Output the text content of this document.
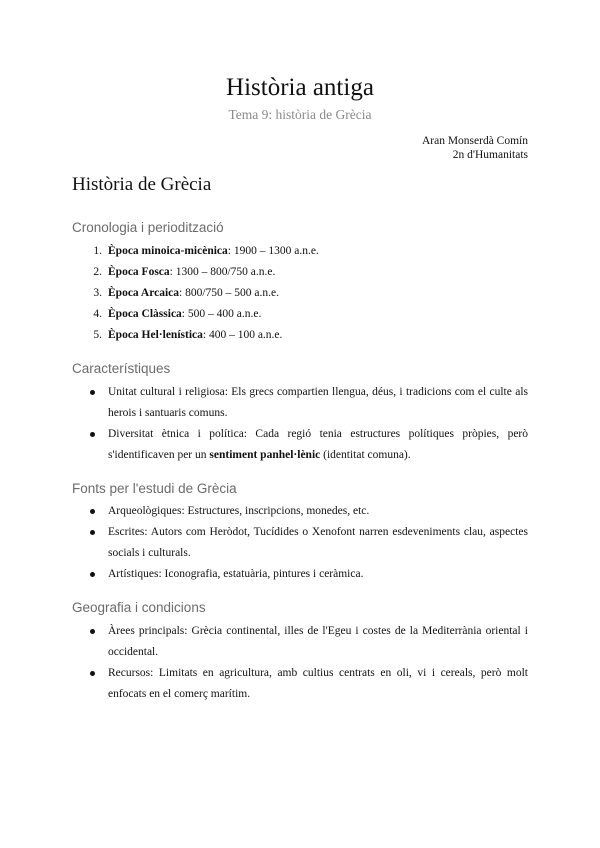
Història antiga
Tema 9: història de Grècia
Aran Monserdà Comín
2n d'Humanitats
Història de Grècia
Cronologia i periodització
1. Època minoica-micènica: 1900 – 1300 a.n.e.
2. Època Fosca: 1300 – 800/750 a.n.e.
3. Època Arcaica: 800/750 – 500 a.n.e.
4. Època Clàssica: 500 – 400 a.n.e.
5. Època Hel·lenística: 400 – 100 a.n.e.
Característiques
Unitat cultural i religiosa: Els grecs compartien llengua, déus, i tradicions com el culte als herois i santuaris comuns.
Diversitat ètnica i política: Cada regió tenia estructures polítiques pròpies, però s'identificaven per un sentiment panhel·lènic (identitat comuna).
Fonts per l'estudi de Grècia
Arqueològiques: Estructures, inscripcions, monedes, etc.
Escrites: Autors com Heròdot, Tucídides o Xenofont narren esdeveniments clau, aspectes socials i culturals.
Artístiques: Iconografia, estatuària, pintures i ceràmica.
Geografia i condicions
Àrees principals: Grècia continental, illes de l'Egeu i costes de la Mediterrània oriental i occidental.
Recursos: Limitats en agricultura, amb cultius centrats en oli, vi i cereals, però molt enfocats en el comerç marítim.
